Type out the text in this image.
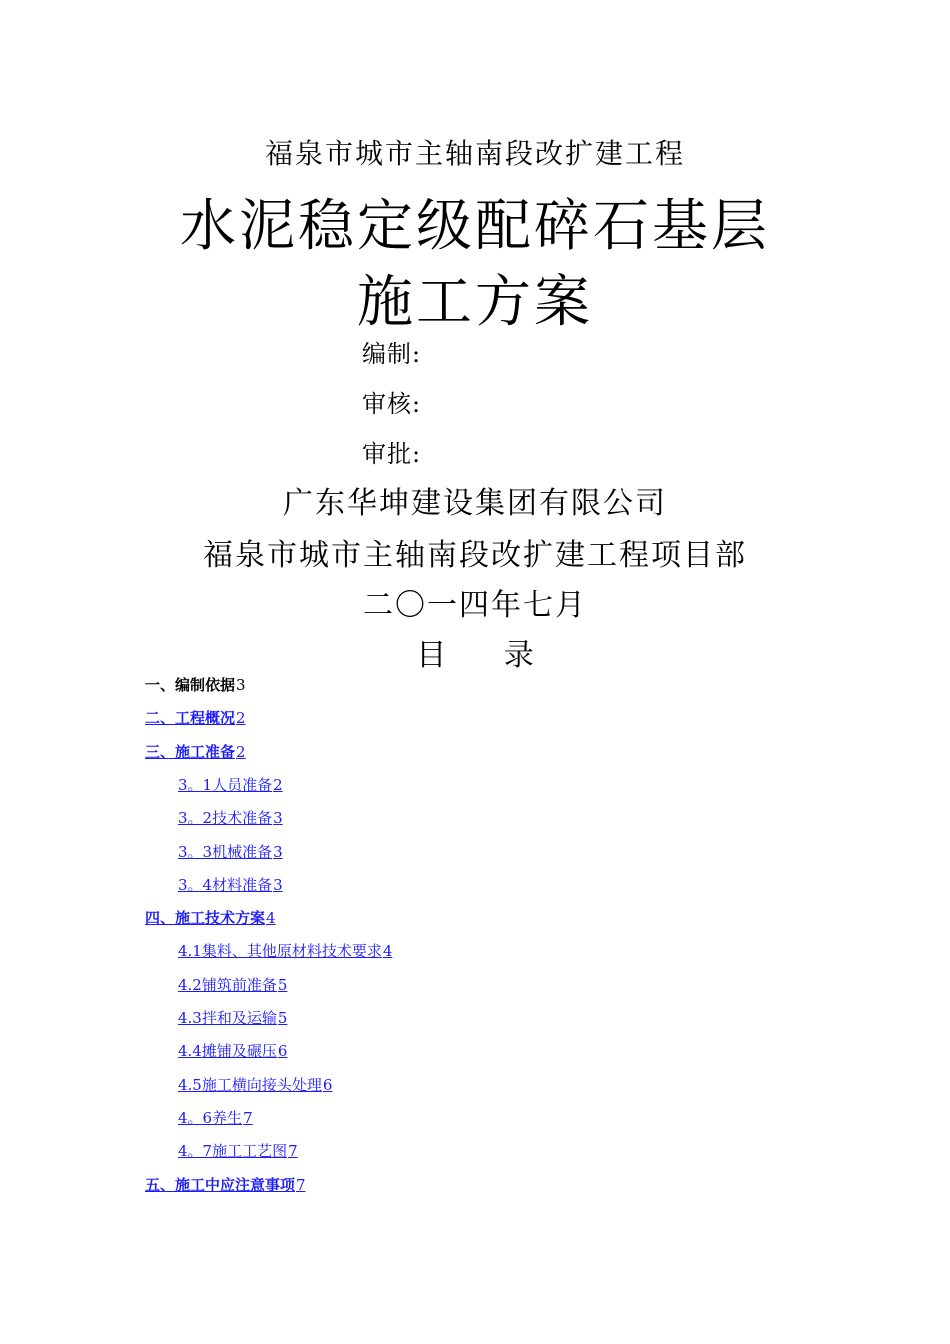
福泉市城市主轴南段改扩建工程
水泥稳定级配碎石基层
施工方案
编制:
审核:
审批:
广东华坤建设集团有限公司
福泉市城市主轴南段改扩建工程项目部
二〇一四年七月
目 录
一、编制依据3
二、工程概况2
三、施工准备2
3。1人员准备2
3。2技术准备3
3。3机械准备3
3。4材料准备3
四、施工技术方案4
4.1集料、其他原材料技术要求4
4.2铺筑前准备5
4.3拌和及运输5
4.4摊铺及碾压6
4.5施工横向接头处理6
4。6养生7
4。7施工工艺图7
五、施工中应注意事项7
